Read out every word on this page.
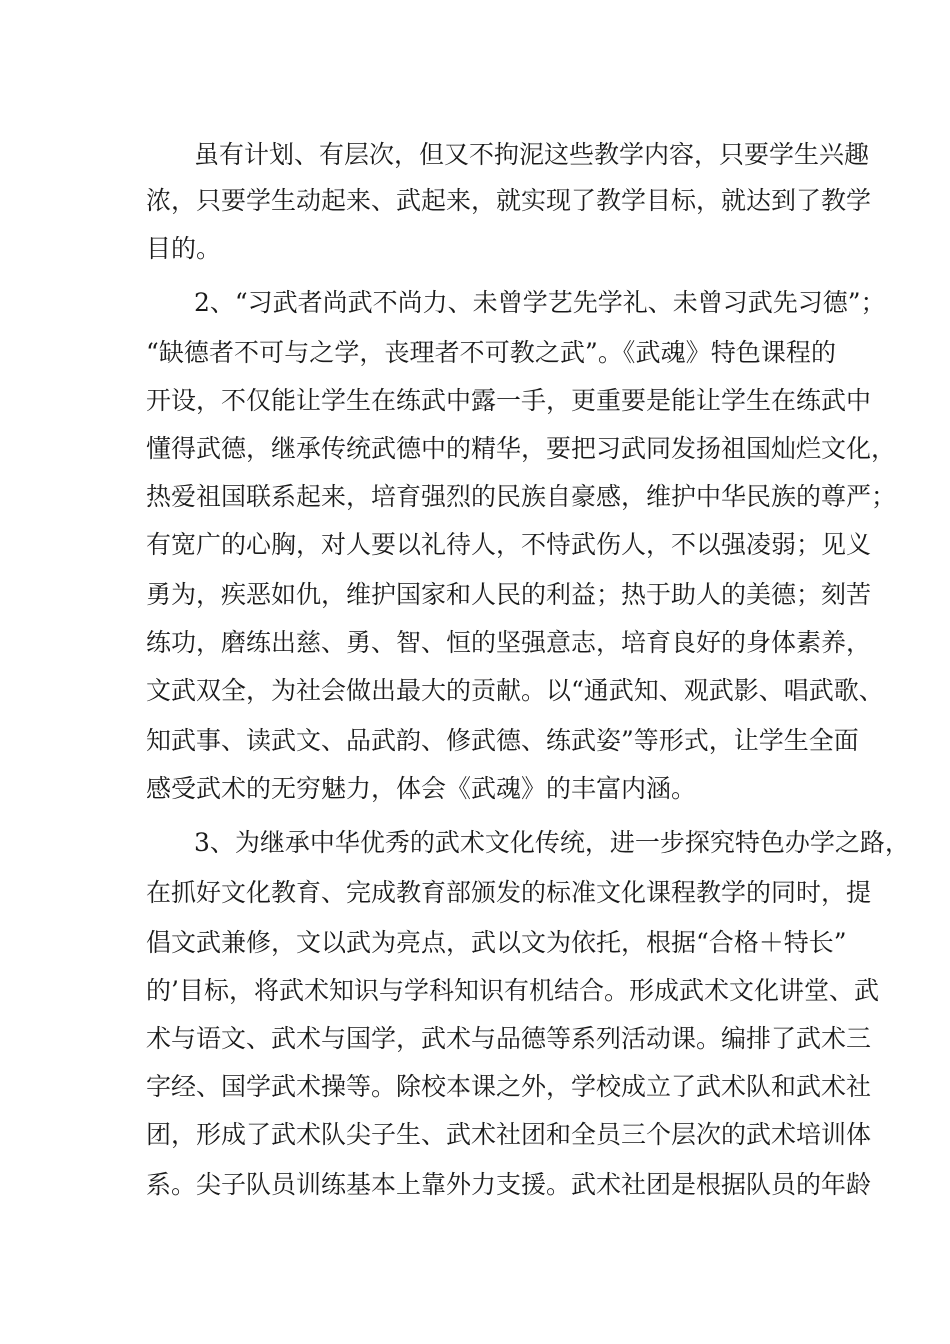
虽有计划、有层次，但又不拘泥这些教学内容，只要学生兴趣
浓，只要学生动起来、武起来，就实现了教学目标，就达到了教学
目的。
2、“习武者尚武不尚力、未曾学艺先学礼、未曾习武先习德”；
“缺德者不可与之学，丧理者不可教之武”。《武魂》特色课程的
开设，不仅能让学生在练武中露一手，更重要是能让学生在练武中
懂得武德，继承传统武德中的精华，要把习武同发扬祖国灿烂文化，
热爱祖国联系起来，培育强烈的民族自豪感，维护中华民族的尊严；
有宽广的心胸，对人要以礼待人，不恃武伤人，不以强凌弱；见义
勇为，疾恶如仇，维护国家和人民的利益；热于助人的美德；刻苦
练功，磨练出慈、勇、智、恒的坚强意志，培育良好的身体素养，
文武双全，为社会做出最大的贡献。以“通武知、观武影、唱武歌、
知武事、读武文、品武韵、修武德、练武姿”等形式，让学生全面
感受武术的无穷魅力，体会《武魂》的丰富内涵。
3、为继承中华优秀的武术文化传统，进一步探究特色办学之路，
在抓好文化教育、完成教育部颁发的标准文化课程教学的同时，提
倡文武兼修，文以武为亮点，武以文为依托，根据“合格＋特长”
的’目标，将武术知识与学科知识有机结合。形成武术文化讲堂、武
术与语文、武术与国学，武术与品德等系列活动课。编排了武术三
字经、国学武术操等。除校本课之外，学校成立了武术队和武术社
团，形成了武术队尖子生、武术社团和全员三个层次的武术培训体
系。尖子队员训练基本上靠外力支援。武术社团是根据队员的年龄
